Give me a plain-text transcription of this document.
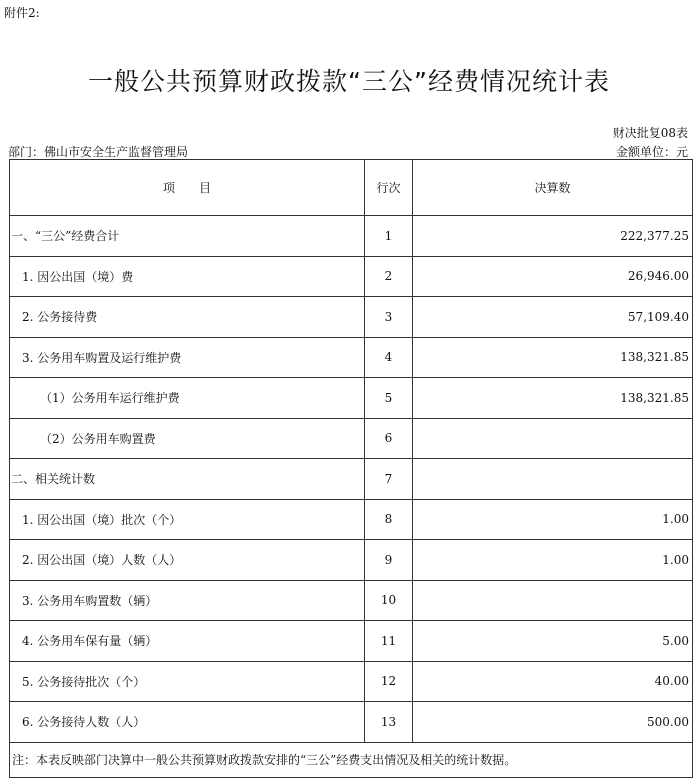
附件2:
一般公共预算财政拨款“三公”经费情况统计表
财决批复08表
部门：佛山市安全生产监督管理局	金额单位：元
项　　目	行次	决算数
一、“三公”经费合计	1	222,377.25
1. 因公出国（境）费	2	26,946.00
2. 公务接待费	3	57,109.40
3. 公务用车购置及运行维护费	4	138,321.85
（1）公务用车运行维护费	5	138,321.85
（2）公务用车购置费	6	
二、相关统计数	7	
1. 因公出国（境）批次（个）	8	1.00
2. 因公出国（境）人数（人）	9	1.00
3. 公务用车购置数（辆）	10	
4. 公务用车保有量（辆）	11	5.00
5. 公务接待批次（个）	12	40.00
6. 公务接待人数（人）	13	500.00
注：本表反映部门决算中一般公共预算财政拨款安排的“三公”经费支出情况及相关的统计数据。		
